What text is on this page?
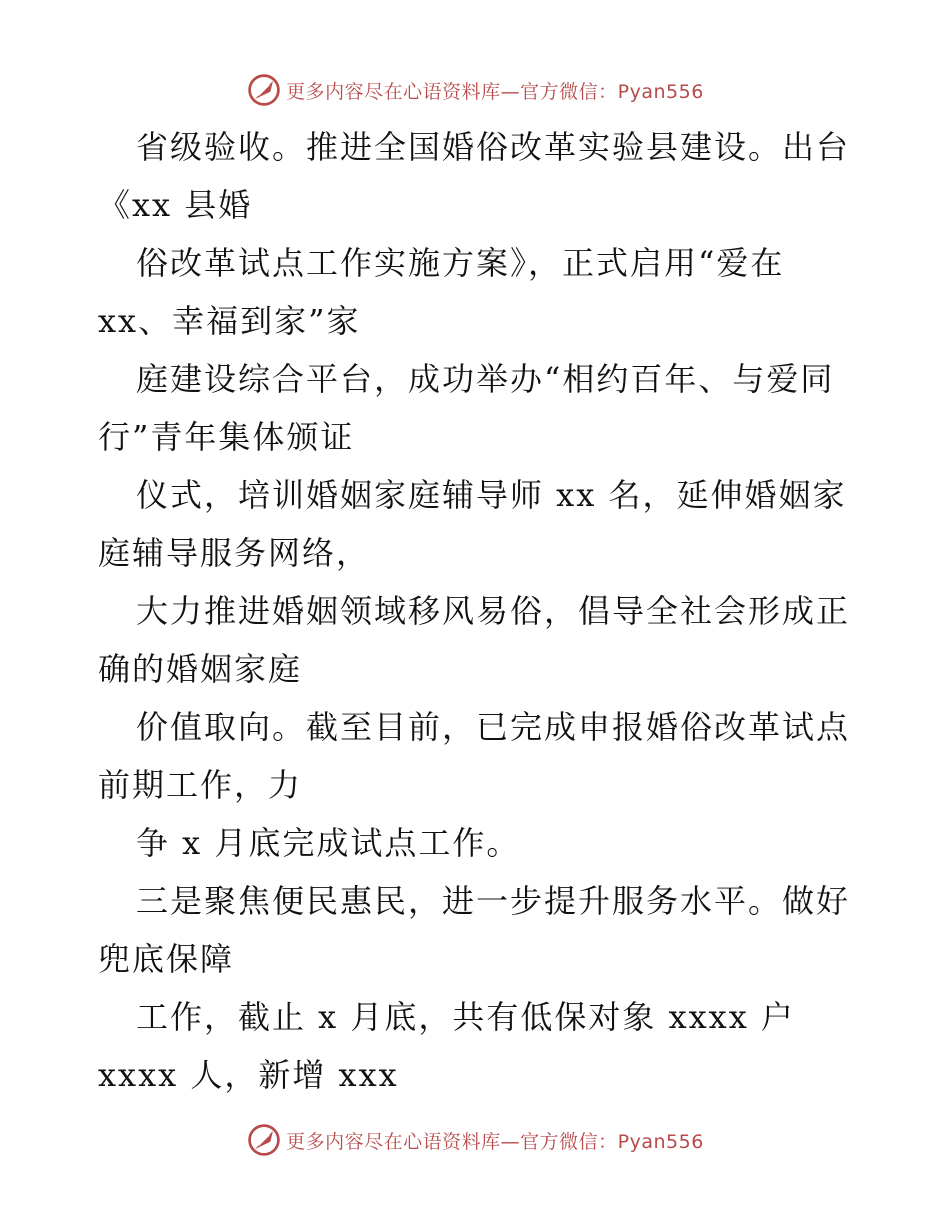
更多内容尽在心语资料库—官方微信：Pyan556
省级验收。推进全国婚俗改革实验县建设。出台
《xx 县婚
俗改革试点工作实施方案》，正式启用“爱在
xx、幸福到家”家
庭建设综合平台，成功举办“相约百年、与爱同
行”青年集体颁证
仪式，培训婚姻家庭辅导师 xx 名，延伸婚姻家
庭辅导服务网络，
大力推进婚姻领域移风易俗，倡导全社会形成正
确的婚姻家庭
价值取向。截至目前，已完成申报婚俗改革试点
前期工作，力
争 x 月底完成试点工作。
三是聚焦便民惠民，进一步提升服务水平。做好
兜底保障
工作，截止 x 月底，共有低保对象 xxxx 户
xxxx 人，新增 xxx
更多内容尽在心语资料库—官方微信：Pyan556
